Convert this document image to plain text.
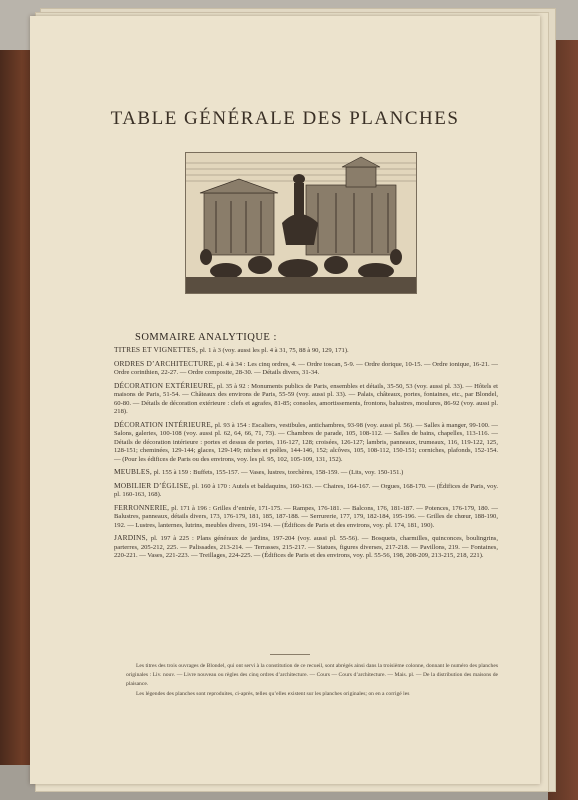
TABLE GÉNÉRALE DES PLANCHES
SOMMAIRE ANALYTIQUE :
TITRES ET VIGNETTES, pl. 1 à 3 (voy. aussi les pl. 4 à 31, 75, 88 à 90, 129, 171).
ORDRES D’ARCHITECTURE, pl. 4 à 34 : Les cinq ordres, 4. — Ordre toscan, 5-9. — Ordre dorique, 10-15. — Ordre ionique, 16-21. — Ordre corinthien, 22-27. — Ordre composite, 28-30. — Détails divers, 31-34.
DÉCORATION EXTÉRIEURE, pl. 35 à 92 : Monuments publics de Paris, ensembles et détails, 35-50, 53 (voy. aussi pl. 33). — Hôtels et maisons de Paris, 51-54. — Châteaux des environs de Paris, 55-59 (voy. aussi pl. 33). — Palais, châteaux, portes, fontaines, etc., par Blondel, 60-80. — Détails de décoration extérieure : clefs et agrafes, 81-85; consoles, amortissements, frontons, balustres, moulures, 86-92 (voy. aussi pl. 218).
DÉCORATION INTÉRIEURE, pl. 93 à 154 : Escaliers, vestibules, antichambres, 93-98 (voy. aussi pl. 56). — Salles à manger, 99-100. — Salons, galeries, 100-108 (voy. aussi pl. 62, 64, 66, 71, 73). — Chambres de parade, 105, 108-112. — Salles de bains, chapelles, 113-116. — Détails de décoration intérieure : portes et dessus de portes, 116-127, 128; croisées, 126-127; lambris, panneaux, trumeaux, 116, 119-122, 125, 128-151; cheminées, 129-144; glaces, 129-149; niches et poêles, 144-146, 152; alcôves, 105, 108-112, 150-151; corniches, plafonds, 152-154. — (Pour les édifices de Paris ou des environs, voy. les pl. 95, 102, 105-109, 131, 152).
MEUBLES, pl. 155 à 159 : Buffets, 155-157. — Vases, lustres, torchères, 158-159. — (Lits, voy. 150-151.)
MOBILIER D’ÉGLISE, pl. 160 à 170 : Autels et baldaquins, 160-163. — Chaires, 164-167. — Orgues, 168-170. — (Édifices de Paris, voy. pl. 160-163, 168).
FERRONNERIE, pl. 171 à 196 : Grilles d’entrée, 171-175. — Rampes, 176-181. — Balcons, 176, 181-187. — Potences, 176-179, 180. — Balustres, panneaux, détails divers, 173, 176-179, 181, 185, 187-188. — Serrurerie, 177, 179, 182-184, 195-196. — Grilles de chœur, 188-190, 192. — Lustres, lanternes, lutrins, meubles divers, 191-194. — (Édifices de Paris et des environs, voy. pl. 174, 181, 190).
JARDINS, pl. 197 à 225 : Plans généraux de jardins, 197-204 (voy. aussi pl. 55-56). — Bosquets, charmilles, quinconces, boulingrins, parterres, 205-212, 225. — Palissades, 213-214. — Terrasses, 215-217. — Statues, figures diverses, 217-218. — Pavillons, 219. — Fontaines, 220-221. — Vases, 221-223. — Treillages, 224-225. — (Édifices de Paris et des environs, voy. pl. 55-56, 198, 208-209, 213-215, 218, 221).

Les titres des trois ouvrages de Blondel, qui ont servi à la constitution de ce recueil, sont abrégés ainsi dans la troisième colonne, donnant le numéro des planches originales : Liv. nouv. — Livre nouveau ou règles des cinq ordres d’architecture. — Cours — Cours d’architecture. — Mais. pl. — De la distribution des maisons de plaisance.

Les légendes des planches sont reproduites, ci-après, telles qu’elles existent sur les planches originales; on en a corrigé les
